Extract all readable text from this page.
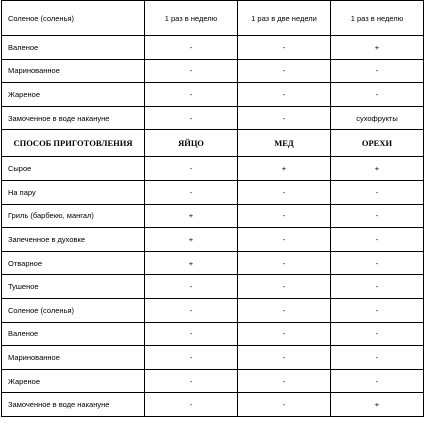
Соленое (соленья)	1 раз в неделю	1 раз в две недели	1 раз в неделю
Валеное	-	-	+
Маринованное	-	-	-
Жареное	-	-	-
Замоченное в воде накануне	-	-	сухофрукты
СПОСОБ ПРИГОТОВЛЕНИЯ	ЯЙЦО	МЕД	ОРЕХИ
Сырое	-	+	+
На пару	-	-	-
Гриль (барбекю, мангал)	+	-	-
Запеченное в духовке	+	-	-
Отварное	+	-	-
Тушеное	-	-	-
Соленое (соленья)	-	-	-
Валеное	-	-	-
Маринованное	-	-	-
Жареное	-	-	-
Замоченное в воде накануне	-	-	+
